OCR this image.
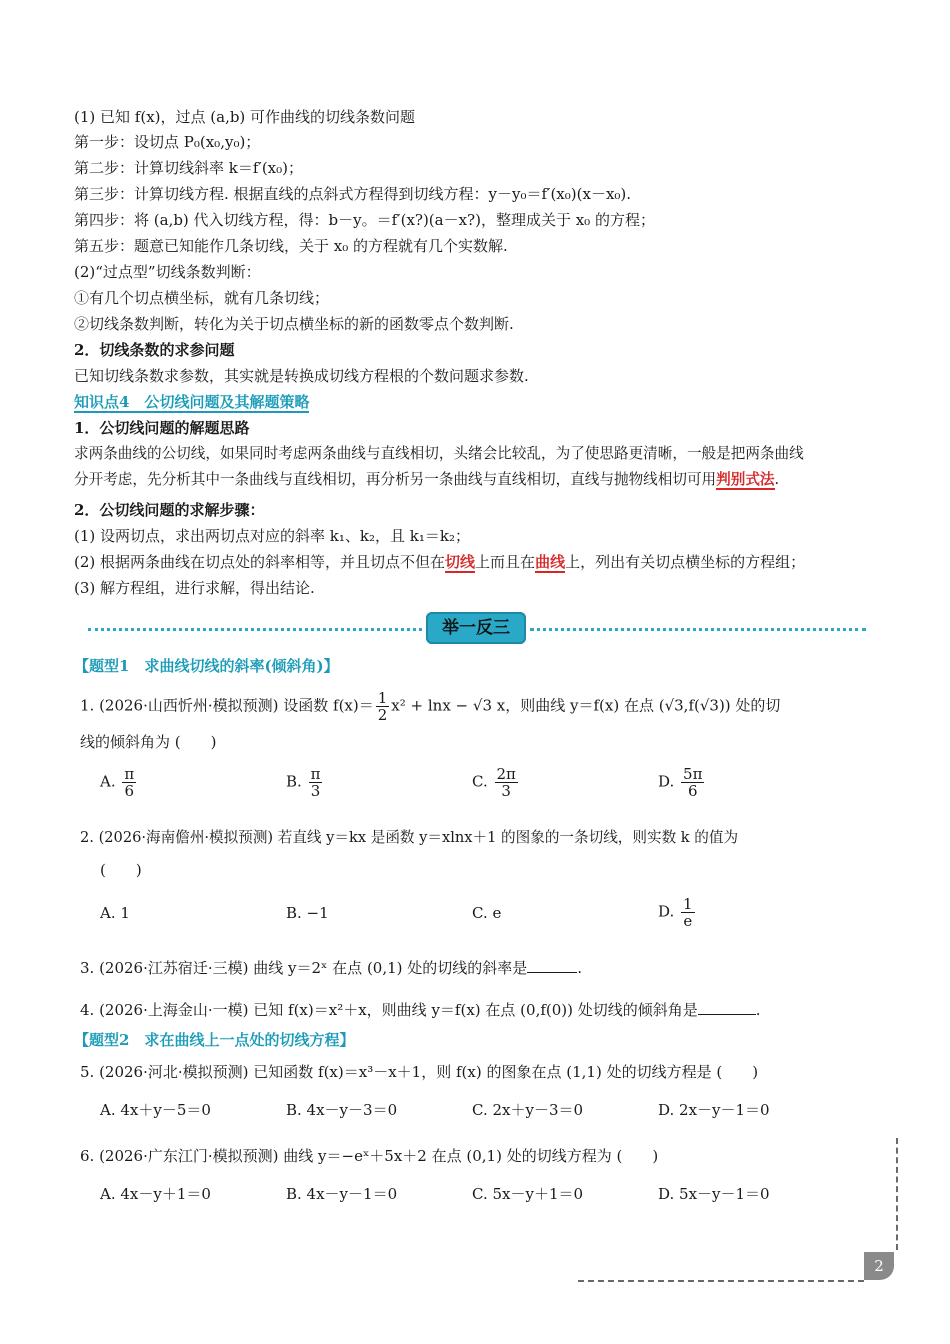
(1) 已知 f(x)，过点 (a,b) 可作曲线的切线条数问题
第一步：设切点 P₀(x₀,y₀)；
第二步：计算切线斜率 k＝f′(x₀)；
第三步：计算切线方程. 根据直线的点斜式方程得到切线方程：y－y₀＝f′(x₀)(x－x₀).
第四步：将 (a,b) 代入切线方程，得：b－y。＝f′(x?)(a－x?)，整理成关于 x₀ 的方程；
第五步：题意已知能作几条切线，关于 x₀ 的方程就有几个实数解.
(2)“过点型”切线条数判断：
①有几个切点横坐标，就有几条切线；
②切线条数判断，转化为关于切点横坐标的新的函数零点个数判断.
2．切线条数的求参问题
已知切线条数求参数，其实就是转换成切线方程根的个数问题求参数.
知识点4　公切线问题及其解题策略
1．公切线问题的解题思路
求两条曲线的公切线，如果同时考虑两条曲线与直线相切，头绪会比较乱，为了使思路更清晰，一般是把两条曲线
分开考虑，先分析其中一条曲线与直线相切，再分析另一条曲线与直线相切，直线与抛物线相切可用判别式法.
2．公切线问题的求解步骤：
(1) 设两切点，求出两切点对应的斜率 k₁、k₂，且 k₁＝k₂；
(2) 根据两条曲线在切点处的斜率相等，并且切点不但在切线上而且在曲线上，列出有关切点横坐标的方程组；
(3) 解方程组，进行求解，得出结论.
举一反三
【题型1　求曲线切线的斜率(倾斜角)】
1. (2026·山西忻州·模拟预测) 设函数 $f(x)= \frac{1}{2} x^2 + \ln x - √3$ x，则曲线 y＝f(x) 在点 (√3,f(√3)) 处的切
线的倾斜角为 (　　)
A. $\frac{\pi}{6}$	B. $\frac{\pi}{3}$	C. $\frac{2\pi}{3}$	D. $\frac{5\pi}{6}$
2. (2026·海南儋州·模拟预测) 若直线 y＝kx 是函数 y＝xlnx＋1 的图象的一条切线，则实数 k 的值为
(　　)
A. 1	B. −1	C. e	D. $\frac{1}{e}$
3. (2026·江苏宿迁·三模) 曲线 y＝2ˣ 在点 (0,1) 处的切线的斜率是	.
4. (2026·上海金山·一模) 已知 f(x)＝x²＋x，则曲线 y＝f(x) 在点 (0,f(0)) 处切线的倾斜角是	.
【题型2　求在曲线上一点处的切线方程】
5. (2026·河北·模拟预测) 已知函数 f(x)＝x³－x＋1，则 f(x) 的图象在点 (1,1) 处的切线方程是 (　　)
A. 4x＋y－5＝0	B. 4x－y－3＝0	C. 2x＋y－3＝0	D. 2x－y－1＝0
6. (2026·广东江门·模拟预测) 曲线 y＝−eˣ＋5x＋2 在点 (0,1) 处的切线方程为 (　　)
A. 4x－y＋1＝0	B. 4x－y－1＝0	C. 5x－y＋1＝0	D. 5x－y－1＝0
2
